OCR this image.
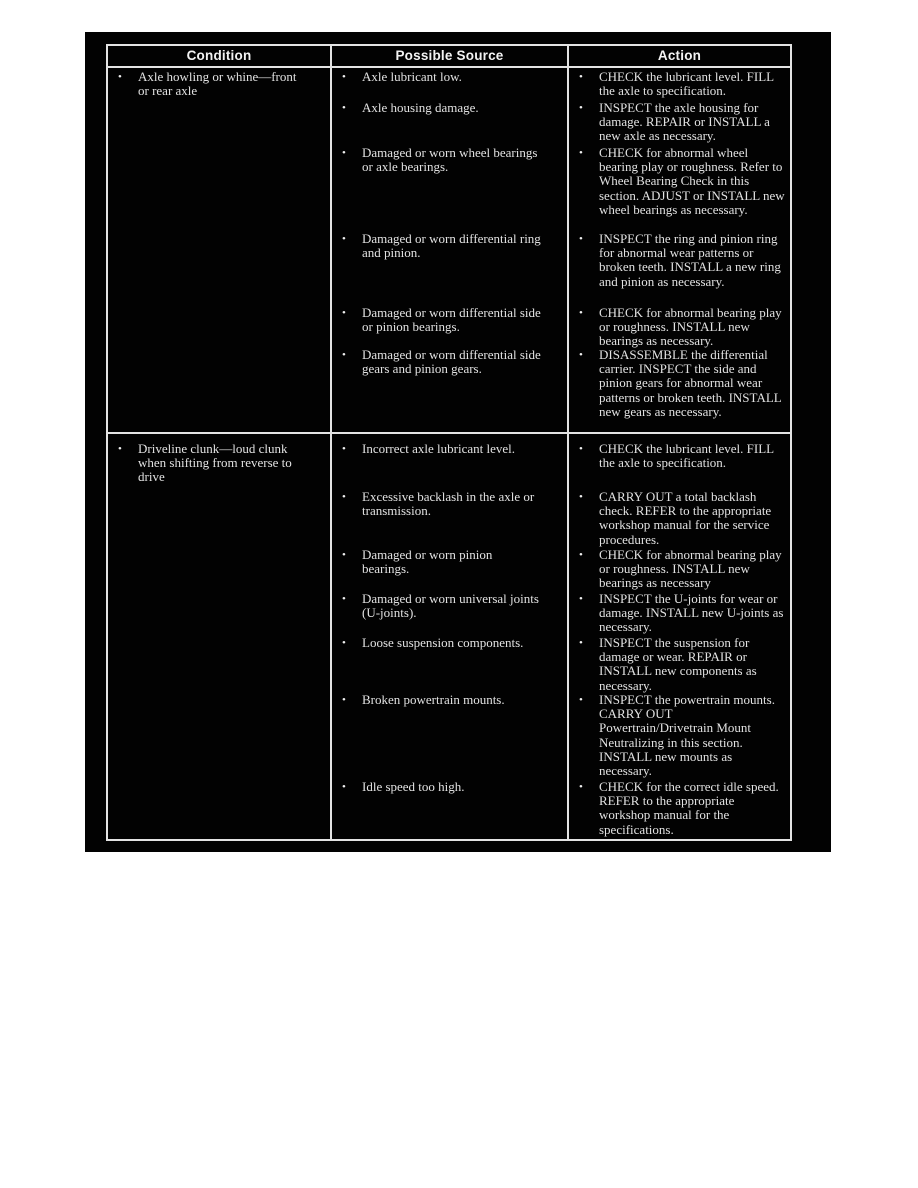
Condition	Possible Source	Action
• Axle howling or whine—front or rear axle
• Axle lubricant low.
• Axle housing damage.
• Damaged or worn wheel bearings or axle bearings.
• Damaged or worn differential ring and pinion.
• Damaged or worn differential side or pinion bearings.
• Damaged or worn differential side gears and pinion gears.
• CHECK the lubricant level. FILL the axle to specification.
• INSPECT the axle housing for damage. REPAIR or INSTALL a new axle as necessary.
• CHECK for abnormal wheel bearing play or roughness. Refer to Wheel Bearing Check in this section. ADJUST or INSTALL new wheel bearings as necessary.
• INSPECT the ring and pinion ring for abnormal wear patterns or broken teeth. INSTALL a new ring and pinion as necessary.
• CHECK for abnormal bearing play or roughness. INSTALL new bearings as necessary.
• DISASSEMBLE the differential carrier. INSPECT the side and pinion gears for abnormal wear patterns or broken teeth. INSTALL new gears as necessary.
• Driveline clunk—loud clunk when shifting from reverse to drive
• Incorrect axle lubricant level.
• Excessive backlash in the axle or transmission.
• Damaged or worn pinion bearings.
• Damaged or worn universal joints (U-joints).
• Loose suspension components.
• Broken powertrain mounts.
• Idle speed too high.
• CHECK the lubricant level. FILL the axle to specification.
• CARRY OUT a total backlash check. REFER to the appropriate workshop manual for the service procedures.
• CHECK for abnormal bearing play or roughness. INSTALL new bearings as necessary
• INSPECT the U-joints for wear or damage. INSTALL new U-joints as necessary.
• INSPECT the suspension for damage or wear. REPAIR or INSTALL new components as necessary.
• INSPECT the powertrain mounts. CARRY OUT Powertrain/Drivetrain Mount Neutralizing in this section. INSTALL new mounts as necessary.
• CHECK for the correct idle speed. REFER to the appropriate workshop manual for the specifications.
